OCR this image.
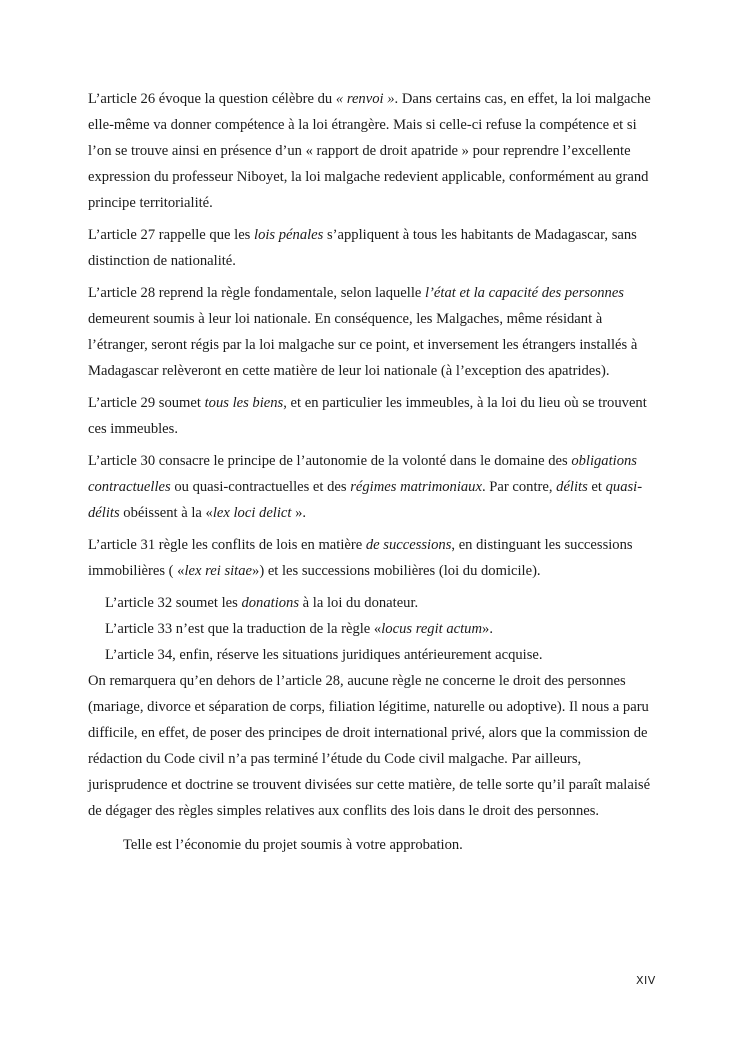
L’article 26 évoque la question célèbre du « renvoi ». Dans certains cas, en effet, la loi malgache elle-même va donner compétence à la loi étrangère. Mais si celle-ci refuse la compétence et si l’on se trouve ainsi en présence d’un « rapport de droit apatride » pour reprendre l’excellente expression du professeur Niboyet, la loi malgache redevient applicable, conformément au grand principe territorialité.

L’article 27 rappelle que les lois pénales s’appliquent à tous les habitants de Madagascar, sans distinction de nationalité.

L’article 28 reprend la règle fondamentale, selon laquelle l’état et la capacité des personnes demeurent soumis à leur loi nationale. En conséquence, les Malgaches, même résidant à l’étranger, seront régis par la loi malgache sur ce point, et inversement les étrangers installés à Madagascar relèveront en cette matière de leur loi nationale (à l’exception des apatrides).

L’article 29 soumet tous les biens, et en particulier les immeubles, à la loi du lieu où se trouvent ces immeubles.

L’article 30 consacre le principe de l’autonomie de la volonté dans le domaine des obligations contractuelles ou quasi-contractuelles et des régimes matrimoniaux. Par contre, délits et quasi-délits obéissent à la «lex loci delict ».

L’article 31 règle les conflits de lois en matière de successions, en distinguant les successions immobilières ( «lex rei sitae») et les successions mobilières (loi du domicile).

L’article 32 soumet les donations à la loi du donateur.

L’article 33 n’est que la traduction de la règle «locus regit actum».

L’article 34, enfin, réserve les situations juridiques antérieurement acquise.

On remarquera qu’en dehors de l’article 28, aucune règle ne concerne le droit des personnes (mariage, divorce et séparation de corps, filiation légitime, naturelle ou adoptive). Il nous a paru difficile, en effet, de poser des principes de droit international privé, alors que la commission de rédaction du Code civil n’a pas terminé l’étude du Code civil malgache. Par ailleurs, jurisprudence et doctrine se trouvent divisées sur cette matière, de telle sorte qu’il paraît malaisé de dégager des règles simples relatives aux conflits des lois dans le droit des personnes.

Telle est l’économie du projet soumis à votre approbation.

XIV
